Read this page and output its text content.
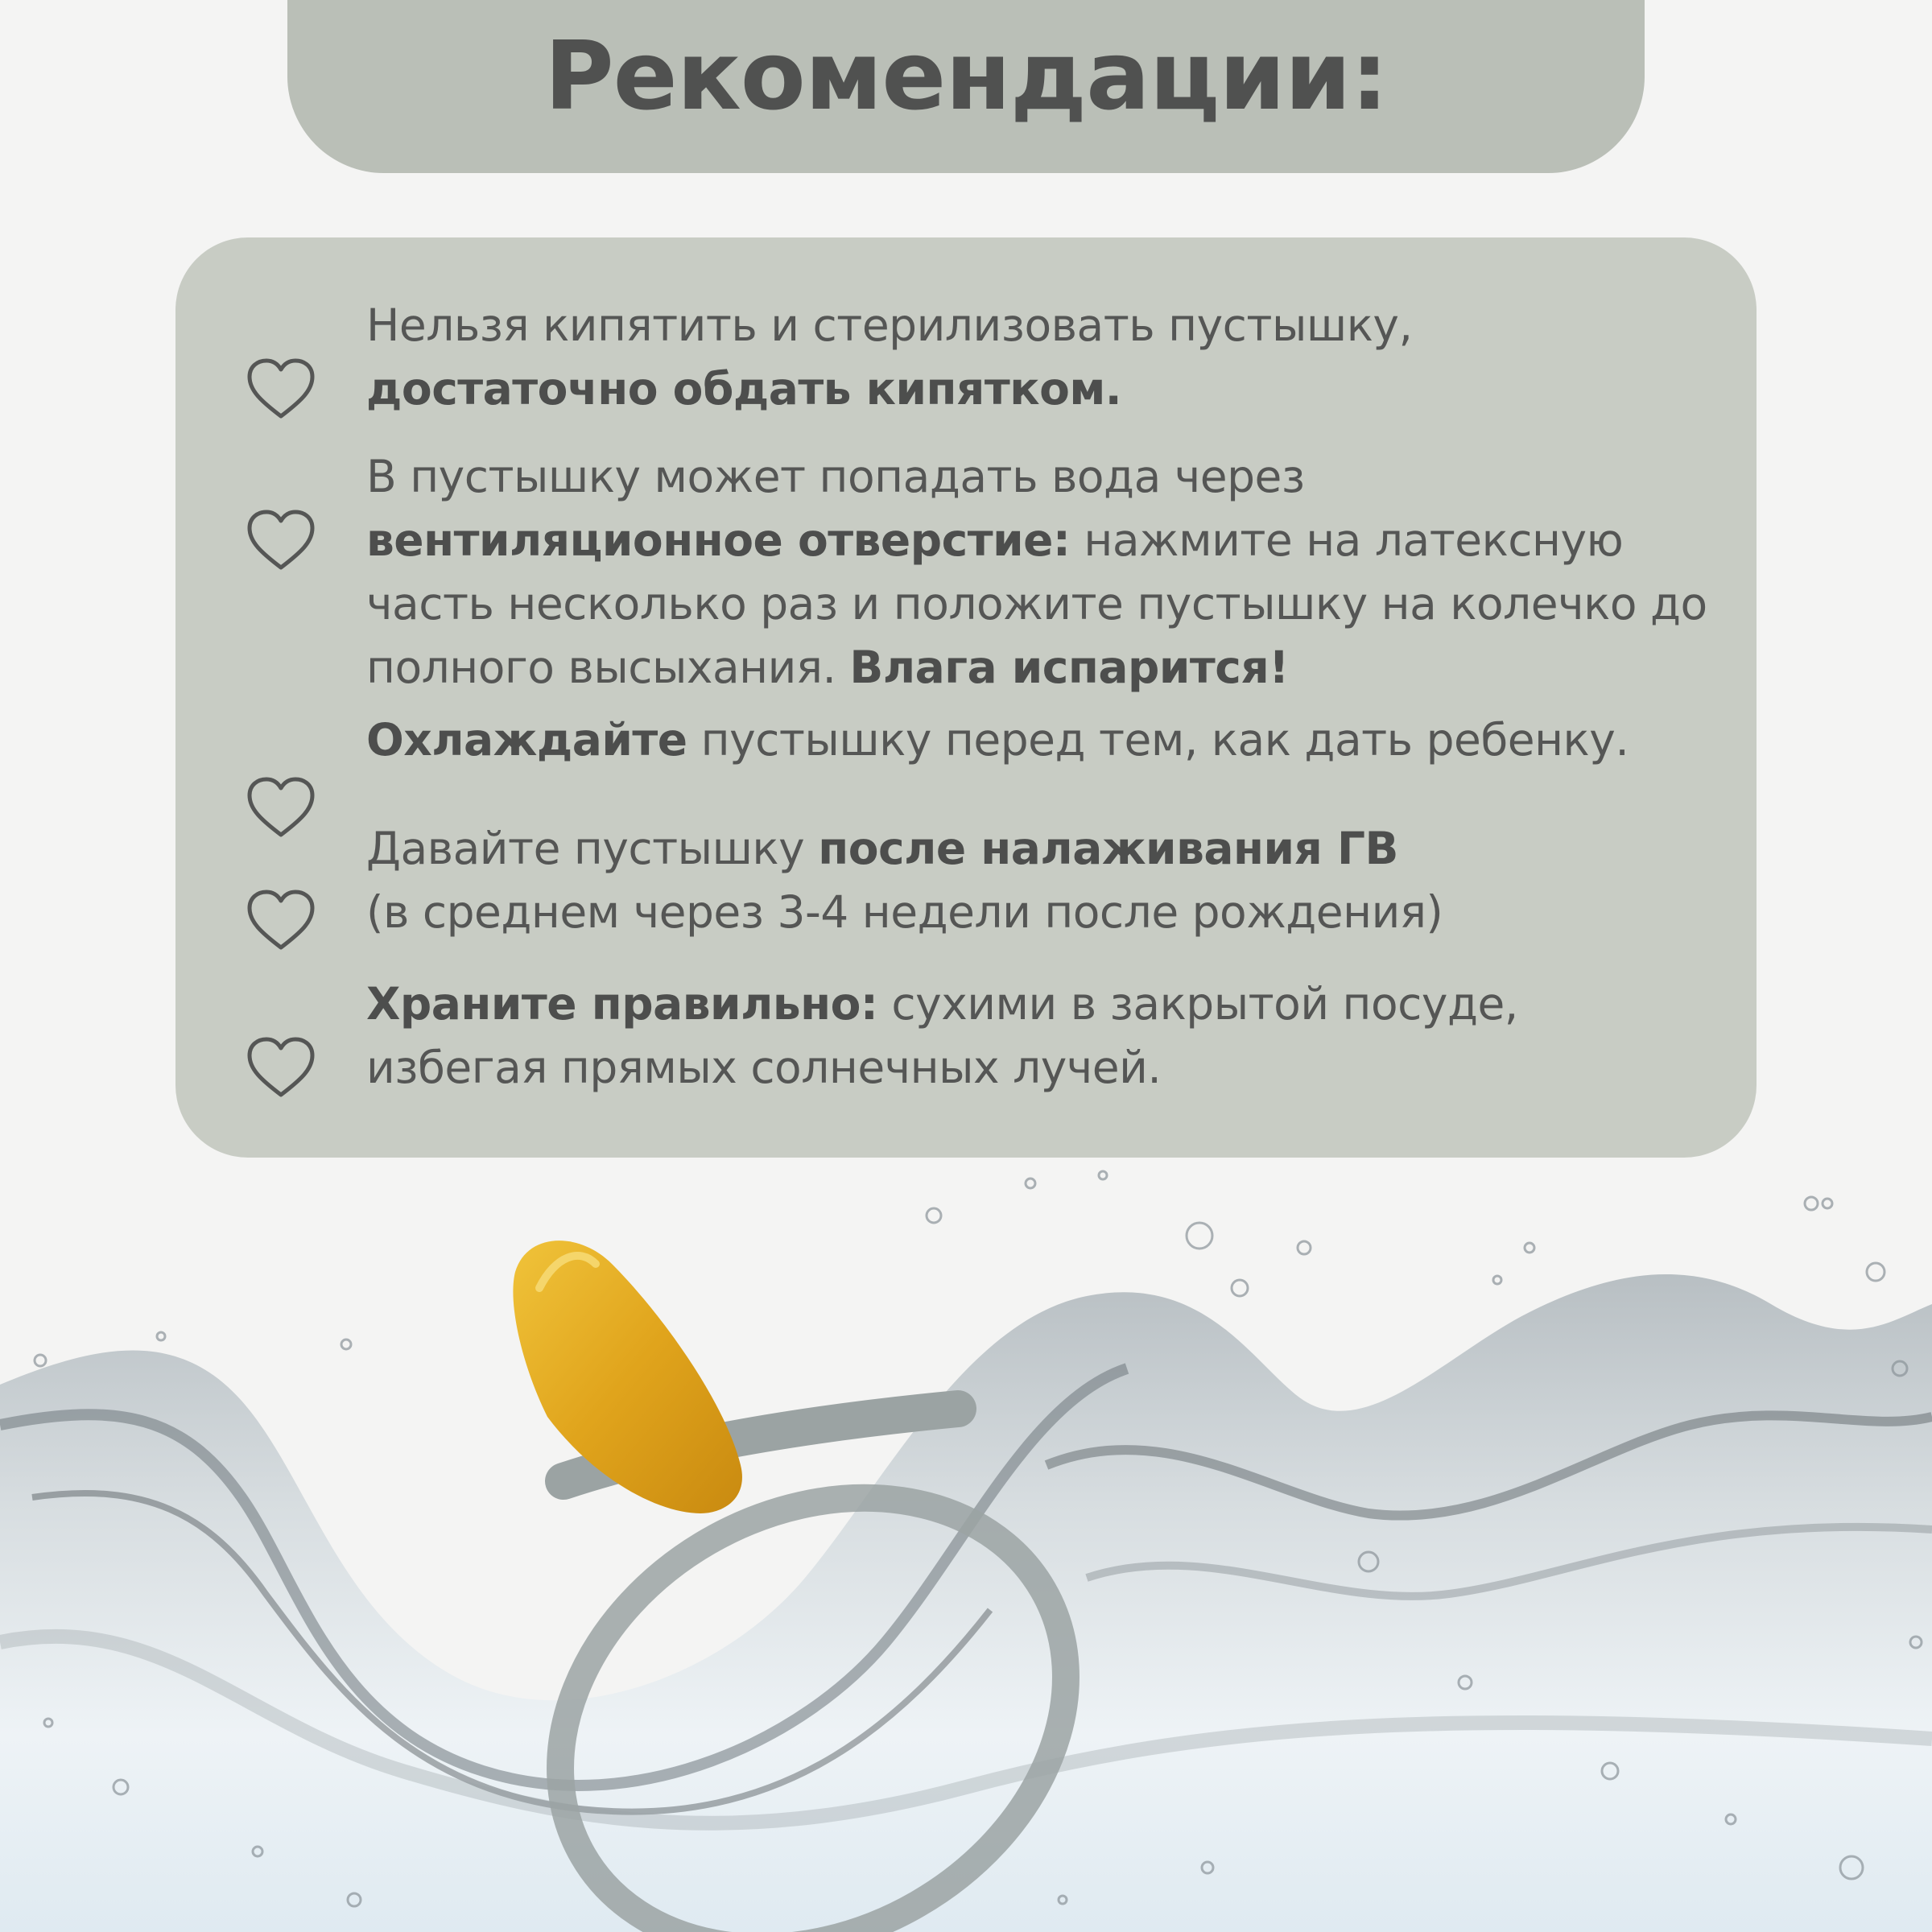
Рекомендации:
Нельзя кипятить и стерилизовать пустышку, достаточно обдать кипятком.
В пустышку может попадать вода через вентиляционное отверстие: нажмите на латексную часть несколько раз и положите пустышку на колечко до полного высыхания. Влага испарится!
Охлаждайте пустышку перед тем, как дать ребенку.
Давайте пустышку после налаживания ГВ
(в среднем через 3-4 недели после рождения)
Храните правильно: сухими в закрытой посуде, избегая прямых солнечных лучей.
